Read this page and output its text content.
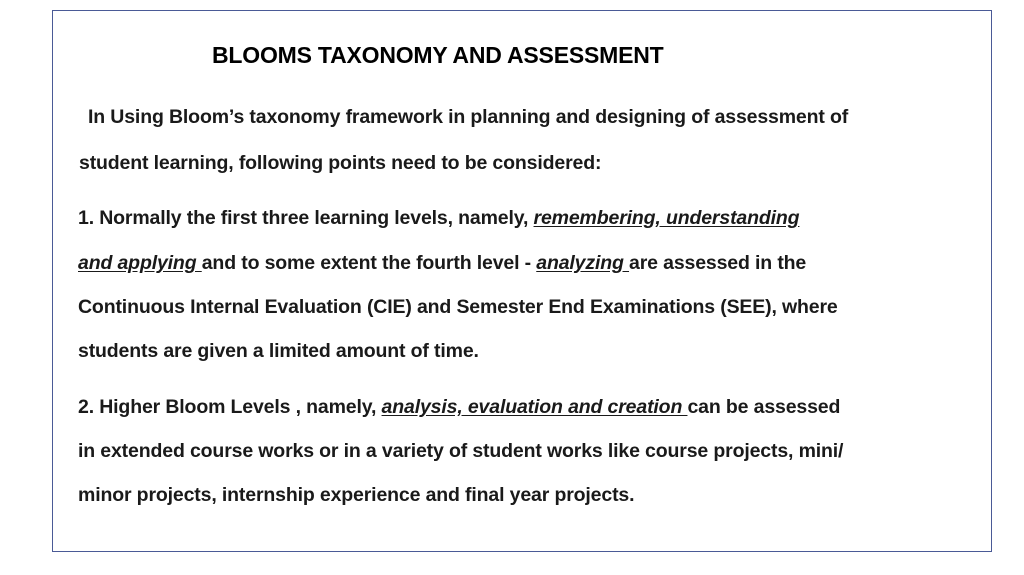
BLOOMS TAXONOMY AND ASSESSMENT
In Using Bloom’s taxonomy framework in planning and designing of assessment of
student learning, following points need to be considered:
1. Normally the first three learning levels, namely, remembering, understanding
and applying and to some extent the fourth level - analyzing are assessed in the
Continuous Internal Evaluation (CIE) and Semester End Examinations (SEE), where
students are given a limited amount of time.
2. Higher Bloom Levels , namely, analysis, evaluation and creation can be assessed
in extended course works or in a variety of student works like course projects, mini/
minor projects, internship experience and final year projects.
